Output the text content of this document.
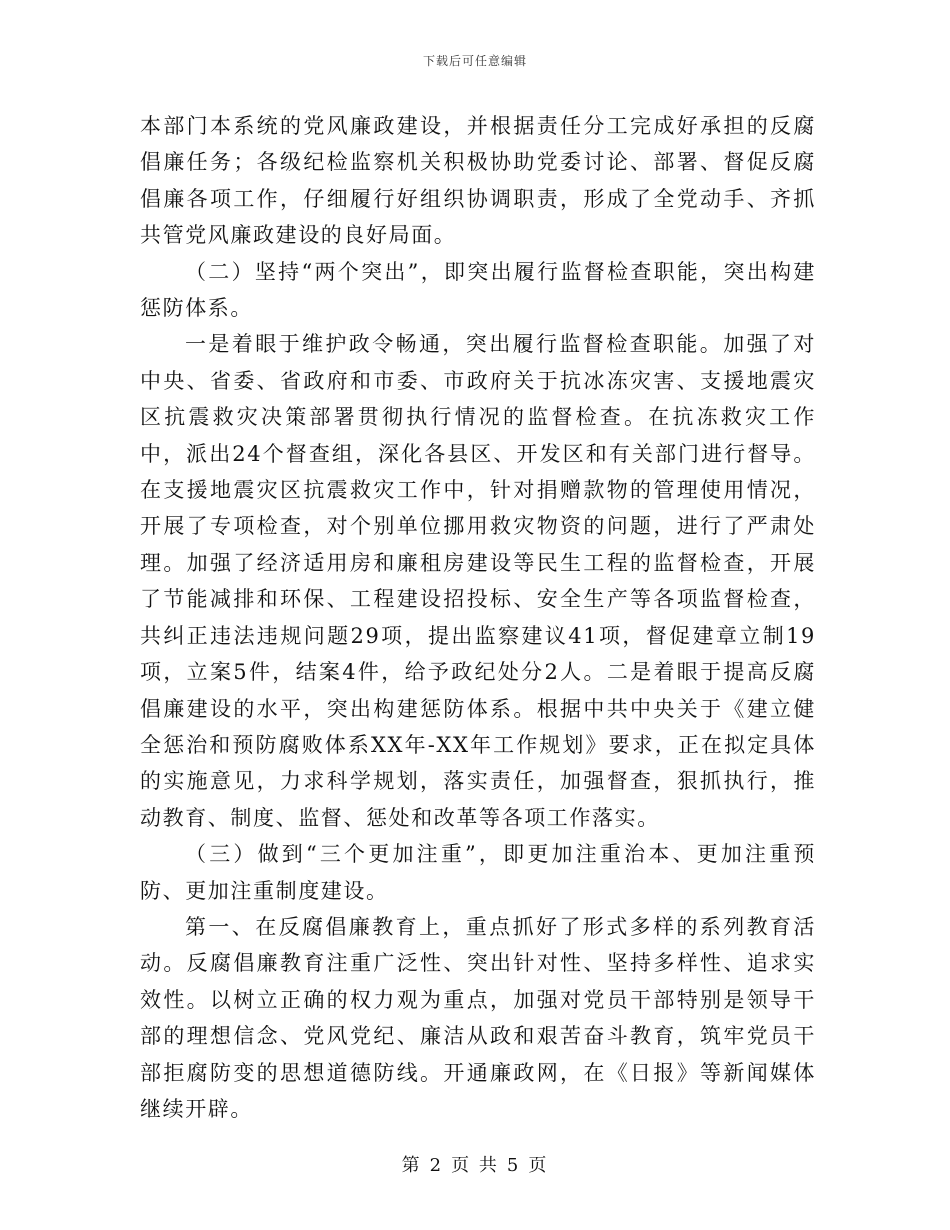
下载后可任意编辑

本部门本系统的党风廉政建设，并根据责任分工完成好承担的反腐倡廉任务；各级纪检监察机关积极协助党委讨论、部署、督促反腐倡廉各项工作，仔细履行好组织协调职责，形成了全党动手、齐抓共管党风廉政建设的良好局面。

（二）坚持“两个突出”，即突出履行监督检查职能，突出构建惩防体系。

一是着眼于维护政令畅通，突出履行监督检查职能。加强了对中央、省委、省政府和市委、市政府关于抗冰冻灾害、支援地震灾区抗震救灾决策部署贯彻执行情况的监督检查。在抗冻救灾工作中，派出24个督查组，深化各县区、开发区和有关部门进行督导。在支援地震灾区抗震救灾工作中，针对捐赠款物的管理使用情况，开展了专项检查，对个别单位挪用救灾物资的问题，进行了严肃处理。加强了经济适用房和廉租房建设等民生工程的监督检查，开展了节能减排和环保、工程建设招投标、安全生产等各项监督检查，共纠正违法违规问题29项，提出监察建议41项，督促建章立制19项，立案5件，结案4件，给予政纪处分2人。二是着眼于提高反腐倡廉建设的水平，突出构建惩防体系。根据中共中央关于《建立健全惩治和预防腐败体系XX年-XX年工作规划》要求，正在拟定具体的实施意见，力求科学规划，落实责任，加强督查，狠抓执行，推动教育、制度、监督、惩处和改革等各项工作落实。

（三）做到“三个更加注重”，即更加注重治本、更加注重预防、更加注重制度建设。

第一、在反腐倡廉教育上，重点抓好了形式多样的系列教育活动。反腐倡廉教育注重广泛性、突出针对性、坚持多样性、追求实效性。以树立正确的权力观为重点，加强对党员干部特别是领导干部的理想信念、党风党纪、廉洁从政和艰苦奋斗教育，筑牢党员干部拒腐防变的思想道德防线。开通廉政网，在《日报》等新闻媒体继续开辟。

第 2 页 共 5 页
